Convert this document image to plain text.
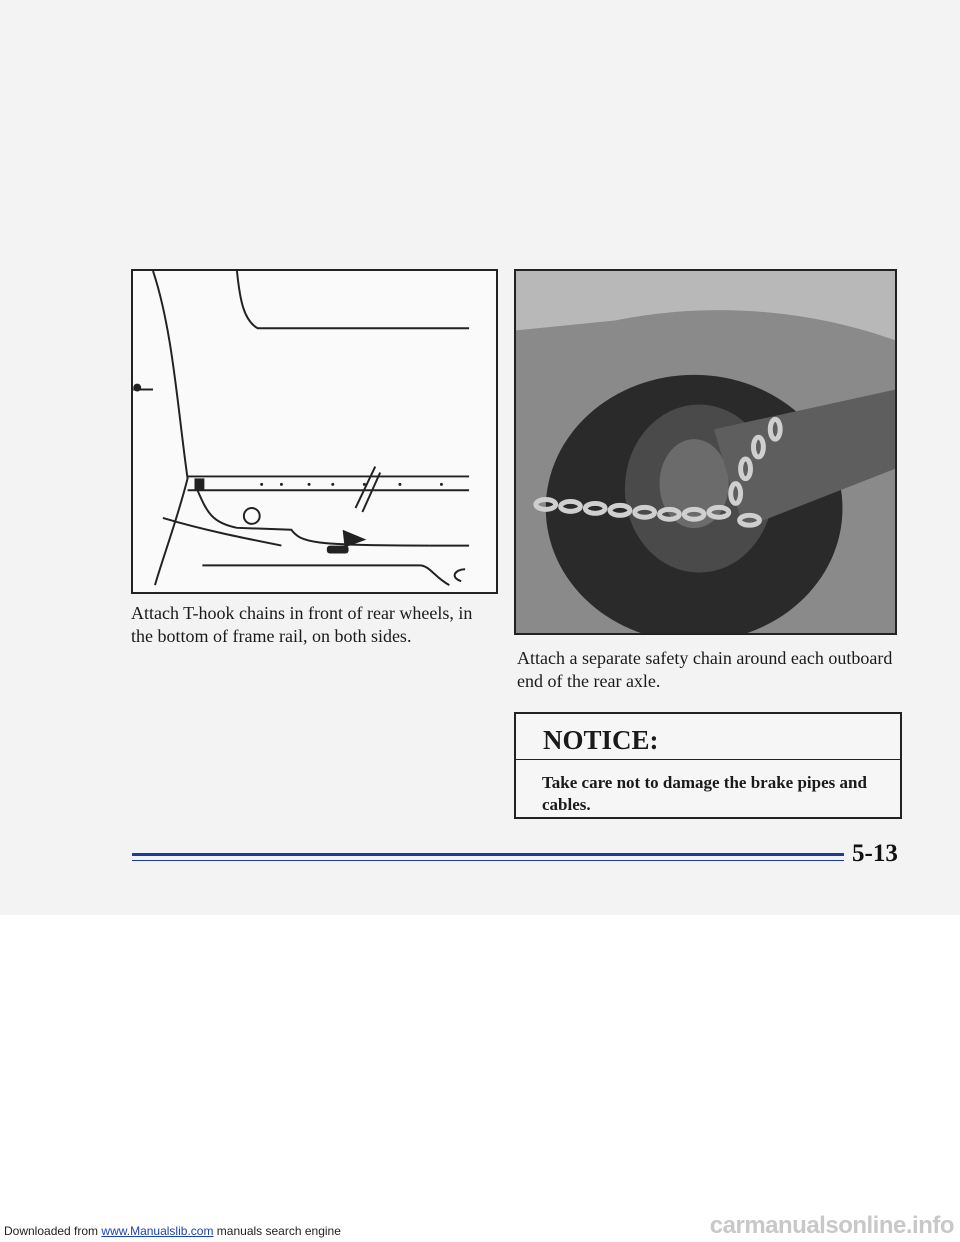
Attach T-hook chains in front of rear wheels, in the bottom of frame rail, on both sides.
Attach a separate safety chain around each outboard end of the rear axle.
NOTICE:
Take care not to damage the brake pipes and cables.
5-13
Downloaded from www.Manualslib.com manuals search engine	carmanualsonline.info
